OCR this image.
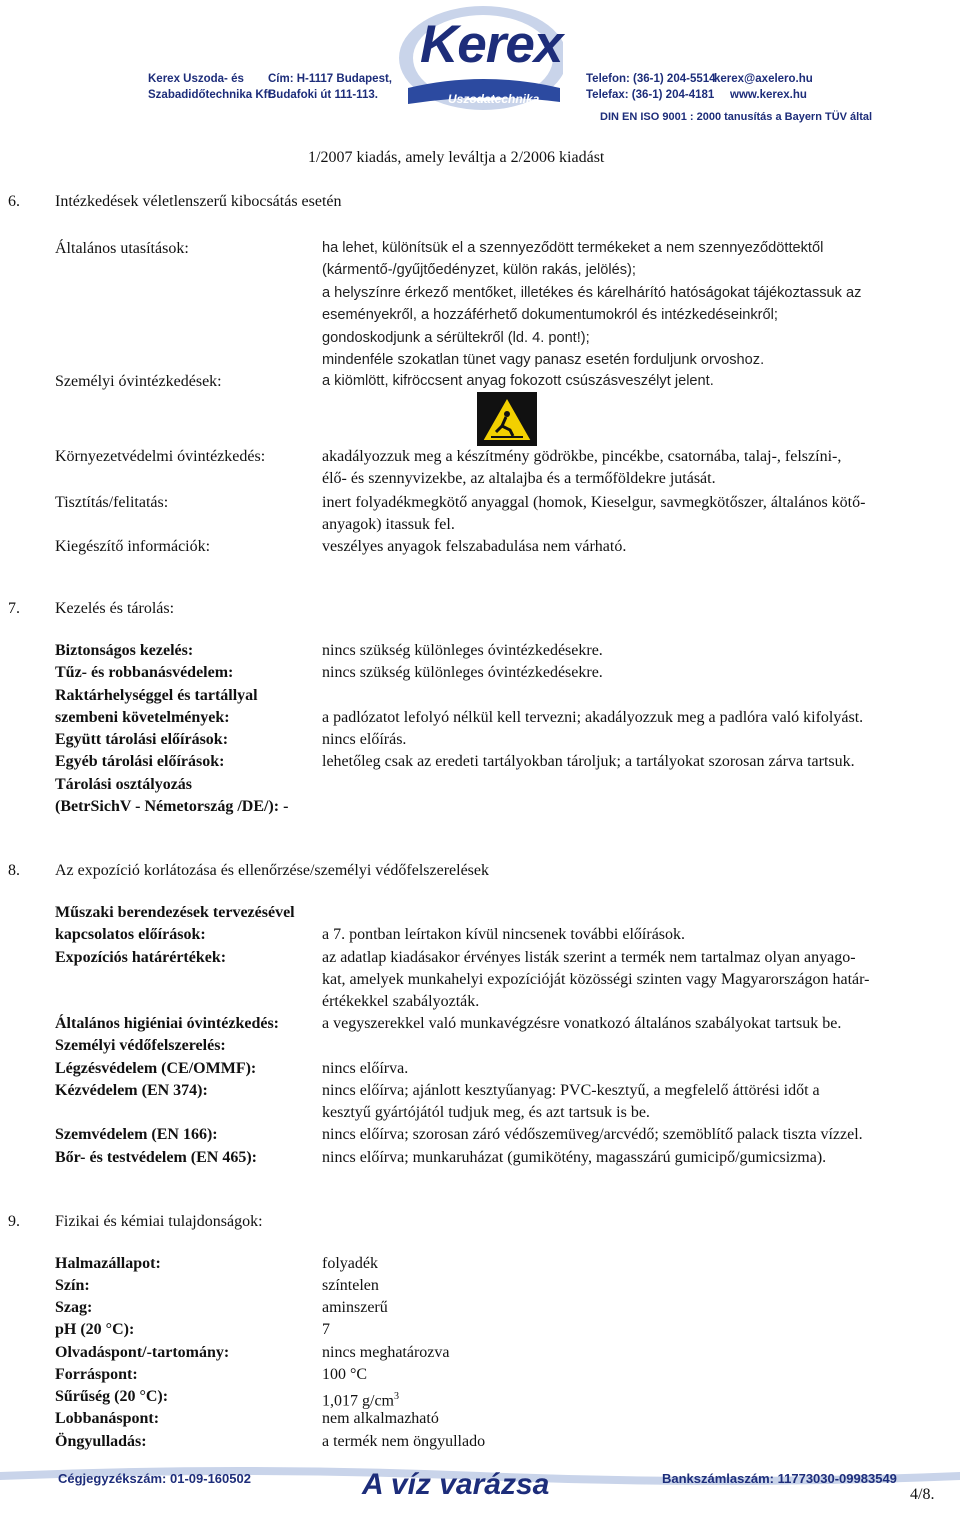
Kerex
Uszodatechnika
Kerex Uszoda- és
Szabadidőtechnika Kft.
Cím: H-1117 Budapest,
Budafoki út 111-113.
Telefon: (36-1) 204-5514
Telefax: (36-1) 204-4181
kerex@axelero.hu
www.kerex.hu
DIN EN ISO 9001 : 2000 tanusítás a Bayern TÜV által
1/2007 kiadás, amely leváltja a 2/2006 kiadást
6. Intézkedések véletlenszerű kibocsátás esetén
Általános utasítások:	ha lehet, különítsük el a szennyeződött termékeket a nem szennyeződöttektől
(kármentő-/gyűjtőedényzet, külön rakás, jelölés);
a helyszínre érkező mentőket, illetékes és kárelhárító hatóságokat tájékoztassuk az
eseményekről, a hozzáférhető dokumentumokról és intézkedéseinkről;
gondoskodjunk a sérültekről (ld. 4. pont!);
mindenféle szokatlan tünet vagy panasz esetén forduljunk orvoshoz.
Személyi óvintézkedések:	a kiömlött, kifröccsent anyag fokozott csúszásveszélyt jelent.
Környezetvédelmi óvintézkedés:	akadályozzuk meg a készítmény gödrökbe, pincékbe, csatornába, talaj-, felszíni-,
élő- és szennyvizekbe, az altalajba és a termőföldekre jutását.
Tisztítás/felitatás:	inert folyadékmegkötő anyaggal (homok, Kieselgur, savmegkötőszer, általános kötő-
anyagok) itassuk fel.
Kiegészítő információk:	veszélyes anyagok felszabadulása nem várható.
7. Kezelés és tárolás:
Biztonságos kezelés:	nincs szükség különleges óvintézkedésekre.
Tűz- és robbanásvédelem:	nincs szükség különleges óvintézkedésekre.
Raktárhelységgel és tartállyal
szembeni követelmények:	a padlózatot lefolyó nélkül kell tervezni; akadályozzuk meg a padlóra való kifolyást.
Együtt tárolási előírások:	nincs előírás.
Egyéb tárolási előírások:	lehetőleg csak az eredeti tartályokban tároljuk; a tartályokat szorosan zárva tartsuk.
Tárolási osztályozás
(BetrSichV - Németország /DE/): -
8. Az expozíció korlátozása és ellenőrzése/személyi védőfelszerelések
Műszaki berendezések tervezésével
kapcsolatos előírások:	a 7. pontban leírtakon kívül nincsenek további előírások.
Expozíciós határértékek:	az adatlap kiadásakor érvényes listák szerint a termék nem tartalmaz olyan anyago-
kat, amelyek munkahelyi expozícióját közösségi szinten vagy Magyarországon határ-
értékekkel szabályozták.
Általános higiéniai óvintézkedés:	a vegyszerekkel való munkavégzésre vonatkozó általános szabályokat tartsuk be.
Személyi védőfelszerelés:
Légzésvédelem (CE/OMMF):	nincs előírva.
Kézvédelem (EN 374):	nincs előírva; ajánlott kesztyűanyag: PVC-kesztyű, a megfelelő áttörési időt a
kesztyű gyártójától tudjuk meg, és azt tartsuk is be.
Szemvédelem (EN 166):	nincs előírva; szorosan záró védőszemüveg/arcvédő; szemöblítő palack tiszta vízzel.
Bőr- és testvédelem (EN 465):	nincs előírva; munkaruházat (gumikötény, magasszárú gumicipő/gumicsizma).
9. Fizikai és kémiai tulajdonságok:
Halmazállapot:	folyadék
Szín:	színtelen
Szag:	aminszerű
pH (20 °C):	7
Olvadáspont/-tartomány:	nincs meghatározva
Forráspont:	100 °C
Sűrűség (20 °C):	1,017 $g/cm^3$
Lobbanáspont:	nem alkalmazható
Öngyulladás:	a termék nem öngyullado
Cégjegyzékszám: 01-09-160502	A víz varázsa	Bankszámlaszám: 11773030-09983549
4/8.
